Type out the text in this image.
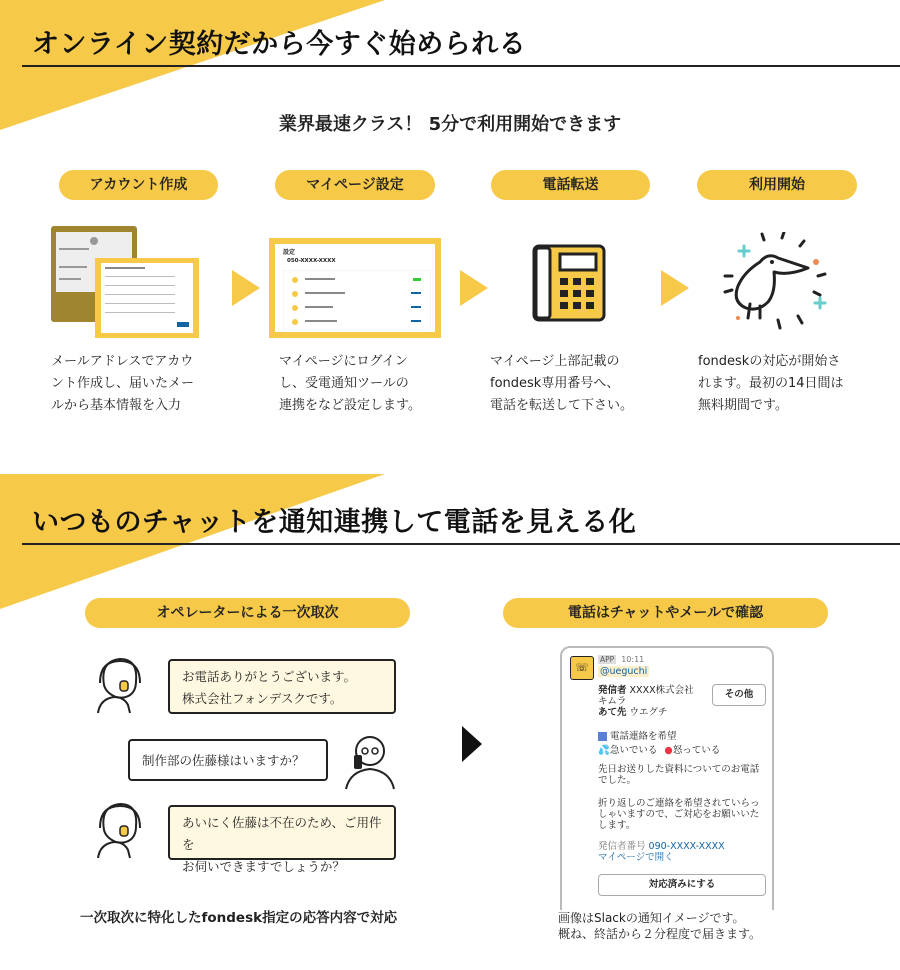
オンライン契約だから今すぐ始められる
業界最速クラス！ 5分で利用開始できます
アカウント作成	マイページ設定	電話転送	利用開始
設定
050-XXXX-XXXX
メールアドレスでアカウ
ント作成し、届いたメー
ルから基本情報を入力
マイページにログイン
し、受電通知ツールの
連携をなど設定します。
マイページ上部記載の
fondesk専用番号へ、
電話を転送して下さい。
fondeskの対応が開始さ
れます。最初の14日間は
無料期間です。
いつものチャットを通知連携して電話を見える化
オペレーターによる一次取次	電話はチャットやメールで確認
お電話ありがとうございます。
株式会社フォンデスクです。
制作部の佐藤様はいますか？
あいにく佐藤は不在のため、ご用件を
お伺いできますでしょうか？
一次取次に特化したfondesk指定の応答内容で対応
☏
APP 10:11
@ueguchi
発信者 XXXX株式会社
キムラ
あて先 ウエグチ
その他
電話連絡を希望
💦急いでいる ●怒っている
先日お送りした資料についてのお電話
でした。
折り返しのご連絡を希望されていらっ
しゃいますので、ご対応をお願いいた
します。
発信者番号 090-XXXX-XXXX
マイページで開く
対応済みにする
画像はSlackの通知イメージです。
概ね、終話から２分程度で届きます。
